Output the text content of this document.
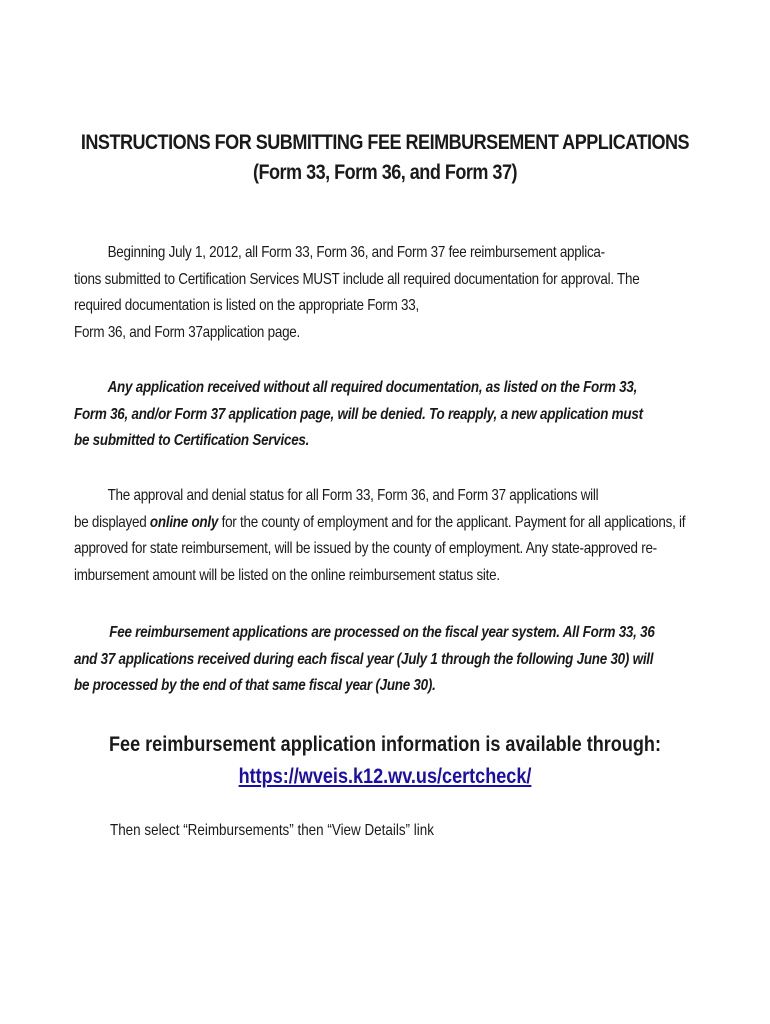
INSTRUCTIONS FOR SUBMITTING FEE REIMBURSEMENT APPLICATIONS
(Form 33, Form 36, and Form 37)
Beginning July 1, 2012, all Form 33, Form 36, and Form 37 fee reimbursement applica-
tions submitted to Certification Services MUST include all required documentation for approval. The
required documentation is listed on the appropriate Form 33,
Form 36, and Form 37application page.
Any application received without all required documentation, as listed on the Form 33,
Form 36, and/or Form 37 application page, will be denied. To reapply, a new application must
be submitted to Certification Services.
The approval and denial status for all Form 33, Form 36, and Form 37 applications will
be displayed online only for the county of employment and for the applicant. Payment for all applications, if
approved for state reimbursement, will be issued by the county of employment. Any state-approved re-
imbursement amount will be listed on the online reimbursement status site.
Fee reimbursement applications are processed on the fiscal year system. All Form 33, 36
and 37 applications received during each fiscal year (July 1 through the following June 30) will
be processed by the end of that same fiscal year (June 30).
Fee reimbursement application information is available through:
https://wveis.k12.wv.us/certcheck/
Then select “Reimbursements” then “View Details” link
